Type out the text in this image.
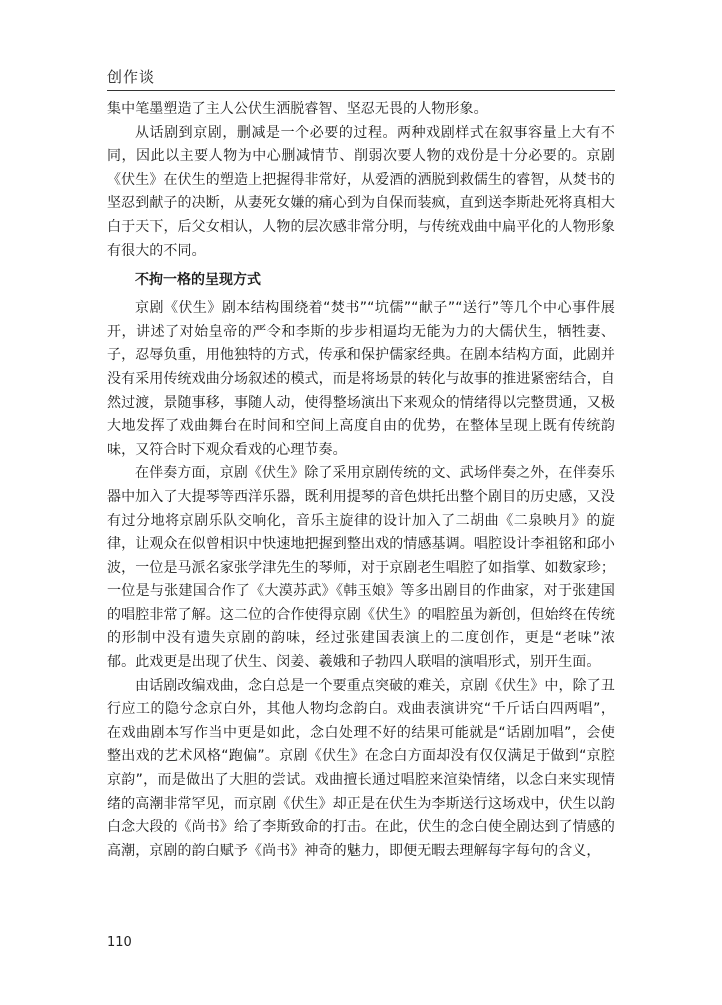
创作谈

集中笔墨塑造了主人公伏生洒脱睿智、坚忍无畏的人物形象。

从话剧到京剧，删减是一个必要的过程。两种戏剧样式在叙事容量上大有不同，因此以主要人物为中心删减情节、削弱次要人物的戏份是十分必要的。京剧《伏生》在伏生的塑造上把握得非常好，从爱酒的洒脱到救儒生的睿智，从焚书的坚忍到献子的决断，从妻死女嫌的痛心到为自保而装疯，直到送李斯赴死将真相大白于天下，后父女相认，人物的层次感非常分明，与传统戏曲中扁平化的人物形象有很大的不同。

不拘一格的呈现方式

京剧《伏生》剧本结构围绕着“焚书”“坑儒”“献子”“送行”等几个中心事件展开，讲述了对始皇帝的严令和李斯的步步相逼均无能为力的大儒伏生，牺牲妻、子，忍辱负重，用他独特的方式，传承和保护儒家经典。在剧本结构方面，此剧并没有采用传统戏曲分场叙述的模式，而是将场景的转化与故事的推进紧密结合，自然过渡，景随事移，事随人动，使得整场演出下来观众的情绪得以完整贯通，又极大地发挥了戏曲舞台在时间和空间上高度自由的优势，在整体呈现上既有传统韵味，又符合时下观众看戏的心理节奏。

在伴奏方面，京剧《伏生》除了采用京剧传统的文、武场伴奏之外，在伴奏乐器中加入了大提琴等西洋乐器，既利用提琴的音色烘托出整个剧目的历史感，又没有过分地将京剧乐队交响化，音乐主旋律的设计加入了二胡曲《二泉映月》的旋律，让观众在似曾相识中快速地把握到整出戏的情感基调。唱腔设计李祖铭和邱小波，一位是马派名家张学津先生的琴师，对于京剧老生唱腔了如指掌、如数家珍；一位是与张建国合作了《大漠苏武》《韩玉娘》等多出剧目的作曲家，对于张建国的唱腔非常了解。这二位的合作使得京剧《伏生》的唱腔虽为新创，但始终在传统的形制中没有遗失京剧的韵味，经过张建国表演上的二度创作，更是“老味”浓郁。此戏更是出现了伏生、闵姜、羲娥和子勃四人联唱的演唱形式，别开生面。

由话剧改编戏曲，念白总是一个要重点突破的难关，京剧《伏生》中，除了丑行应工的隐兮念京白外，其他人物均念韵白。戏曲表演讲究“千斤话白四两唱”，在戏曲剧本写作当中更是如此，念白处理不好的结果可能就是“话剧加唱”，会使整出戏的艺术风格“跑偏”。京剧《伏生》在念白方面却没有仅仅满足于做到“京腔京韵”，而是做出了大胆的尝试。戏曲擅长通过唱腔来渲染情绪，以念白来实现情绪的高潮非常罕见，而京剧《伏生》却正是在伏生为李斯送行这场戏中，伏生以韵白念大段的《尚书》给了李斯致命的打击。在此，伏生的念白使全剧达到了情感的高潮，京剧的韵白赋予《尚书》神奇的魅力，即便无暇去理解每字每句的含义，

110
